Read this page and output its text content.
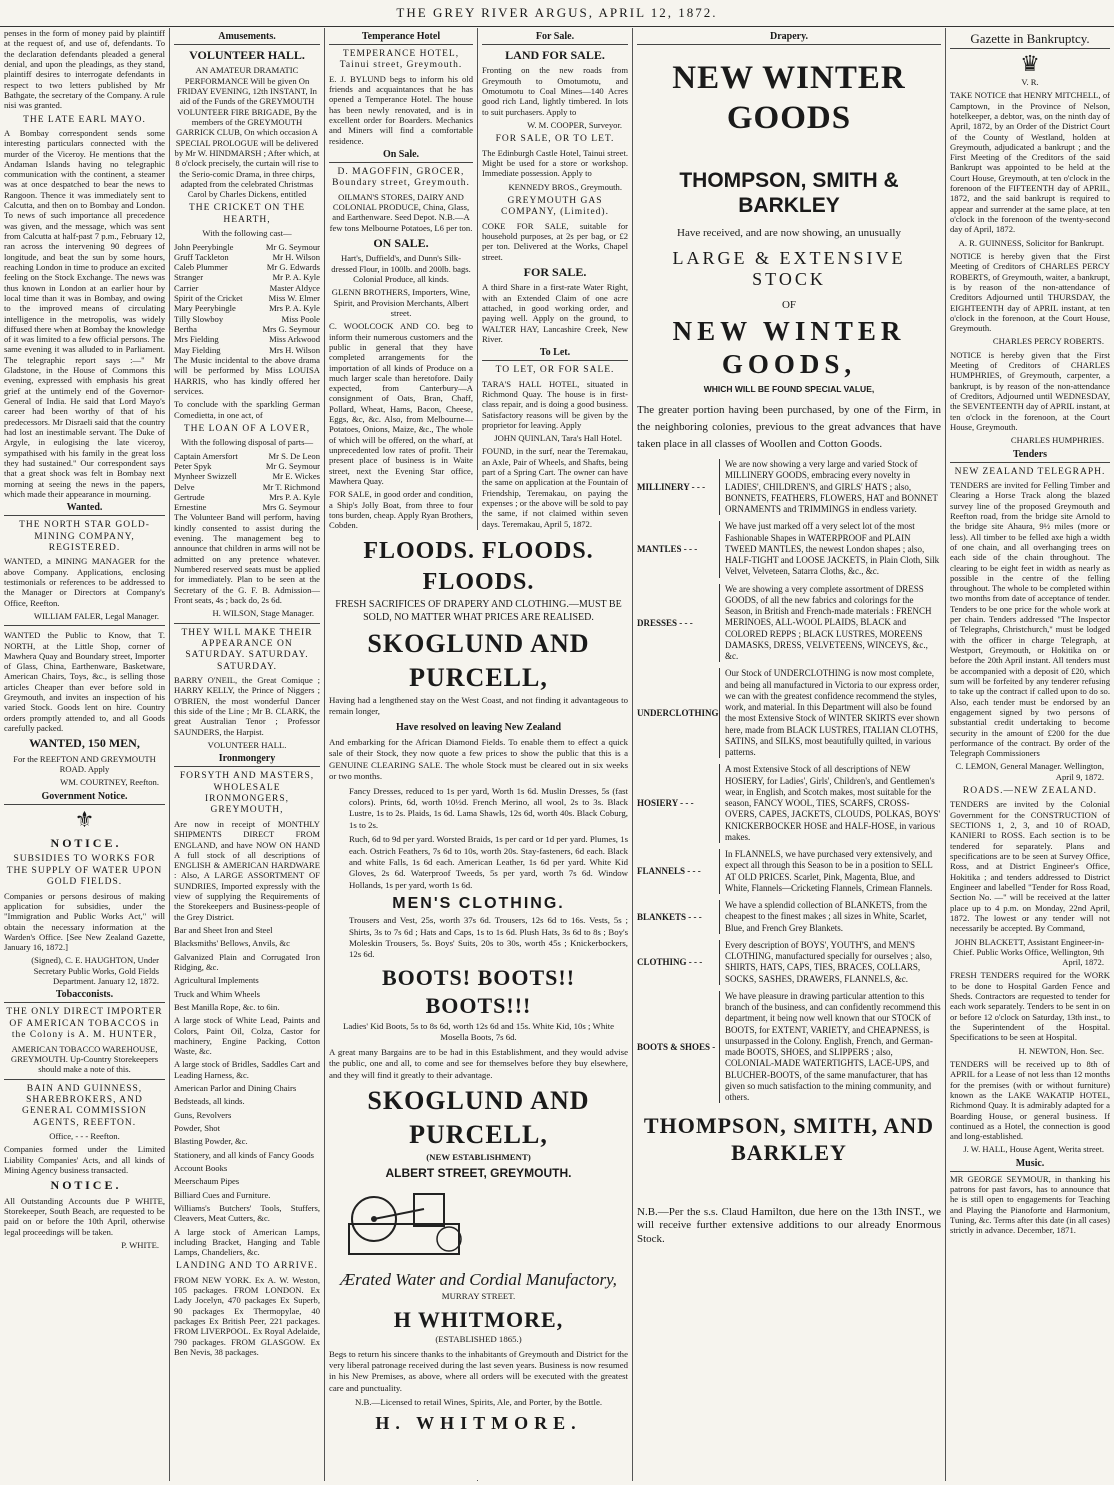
THE GREY RIVER ARGUS, APRIL 12, 1872.

penses in the form of money paid by plaintiff at the request of, and use of, defendants. To the declaration defendants pleaded a general denial, and upon the pleadings, as they stand, plaintiff desires to interrogate defendants in respect to two letters published by Mr Bathgate, the secretary of the Company. A rule nisi was granted.

THE LATE EARL MAYO.

A Bombay correspondent sends some interesting particulars connected with the murder of the Viceroy. He mentions that the Andaman Islands having no telegraphic communication with the continent, a steamer was at once despatched to bear the news to Rangoon. Thence it was immediately sent to Calcutta, and then on to Bombay and London. To news of such importance all precedence was given, and the message, which was sent from Calcutta at half-past 7 p.m., February 12, ran across the intervening 90 degrees of longitude, and beat the sun by some hours, reaching London in time to produce an excited feeling on the Stock Exchange. The news was thus known in London at an earlier hour by local time than it was in Bombay, and owing to the improved means of circulating intelligence in the metropolis, was widely diffused there when at Bombay the knowledge of it was limited to a few official persons. The same evening it was alluded to in Parliament. The telegraphic report says :—" Mr Gladstone, in the House of Commons this evening, expressed with emphasis his great grief at the untimely end of the Governor-General of India. He said that Lord Mayo's career had been worthy of that of his predecessors. Mr Disraeli said that the country had lost an inestimable servant. The Duke of Argyle, in eulogising the late viceroy, sympathised with his family in the great loss they had sustained." Our correspondent says that a great shock was felt in Bombay next morning at seeing the news in the papers, which made their appearance in mourning.

Wanted.
THE NORTH STAR GOLD-MINING COMPANY, REGISTERED.

WANTED, a MINING MANAGER for the above Company. Applications, enclosing testimonials or references to be addressed to the Manager or Directors at Company's Office, Reefton.

WILLIAM FALER, Legal Manager.

WANTED the Public to Know, that T. NORTH, at the Little Shop, corner of Mawhera Quay and Boundary street, Importer of Glass, China, Earthenware, Basketware, American Chairs, Toys, &c., is selling those articles Cheaper than ever before sold in Greymouth, and invites an inspection of his varied Stock. Goods lent on hire. Country orders promptly attended to, and all Goods carefully packed.

WANTED, 150 MEN,

For the REEFTON AND GREYMOUTH ROAD. Apply

WM. COURTNEY, Reefton.

Government Notice.
⚜
N O T I C E .
SUBSIDIES TO WORKS FOR THE SUPPLY OF WATER UPON GOLD FIELDS.

Companies or persons desirous of making application for subsidies, under the "Immigration and Public Works Act," will obtain the necessary information at the Warden's Office. [See New Zealand Gazette, January 16, 1872.]

(Signed), C. E. HAUGHTON, Under Secretary Public Works, Gold Fields Department. January 12, 1872.

Tobacconists.
THE ONLY DIRECT IMPORTER OF AMERICAN TOBACCOS in the Colony is A. M. HUNTER,

AMERICAN TOBACCO WAREHOUSE, GREYMOUTH. Up-Country Storekeepers should make a note of this.

BAIN AND GUINNESS, SHAREBROKERS, AND GENERAL COMMISSION AGENTS, REEFTON.

Office, - - - Reefton.

Companies formed under the Limited Liability Companies' Acts, and all kinds of Mining Agency business transacted.

N O T I C E .

All Outstanding Accounts due P WHITE, Storekeeper, South Beach, are requested to be paid on or before the 10th April, otherwise legal proceedings will be taken.

P. WHITE.

Amusements.
VOLUNTEER HALL.

AN AMATEUR DRAMATIC PERFORMANCE Will be given On FRIDAY EVENING, 12th INSTANT, In aid of the Funds of the GREYMOUTH VOLUNTEER FIRE BRIGADE, By the members of the GREYMOUTH GARRICK CLUB, On which occasion A SPECIAL PROLOGUE will be delivered by Mr W. HINDMARSH ; After which, at 8 o'clock precisely, the curtain will rise to the Serio-comic Drama, in three chirps, adapted from the celebrated Christmas Carol by Charles Dickens, entitled

THE CRICKET ON THE HEARTH,

With the following cast—

John Peerybingle	Mr G. Seymour
Gruff Tackleton	Mr H. Wilson
Caleb Plummer	Mr G. Edwards
Stranger	Mr P. A. Kyle
Carrier	Master Aldyce
Spirit of the Cricket	Miss W. Elmer
Mary Peerybingle	Mrs P. A. Kyle
Tilly Slowboy	Miss Poole
Bertha	Mrs G. Seymour
Mrs Fielding	Miss Arkwood
May Fielding	Mrs H. Wilson

The Music incidental to the above drama will be performed by Miss LOUISA HARRIS, who has kindly offered her services.

To conclude with the sparkling German Comedietta, in one act, of

THE LOAN OF A LOVER,

With the following disposal of parts—

Captain Amersfort	Mr S. De Leon
Peter Spyk	Mr G. Seymour
Mynheer Swizzell	Mr E. Wickes
Delve	Mr T. Richmond
Gertrude	Mrs P. A. Kyle
Ernestine	Mrs G. Seymour

The Volunteer Band will perform, having kindly consented to assist during the evening. The management beg to announce that children in arms will not be admitted on any pretence whatever. Numbered reserved seats must be applied for immediately. Plan to be seen at the Secretary of the G. F. B. Admission—Front seats, 4s ; back do, 2s 6d.

H. WILSON, Stage Manager.

THEY WILL MAKE THEIR APPEARANCE ON SATURDAY. SATURDAY. SATURDAY.

BARRY O'NEIL, the Great Comique ; HARRY KELLY, the Prince of Niggers ; O'BRIEN, the most wonderful Dancer this side of the Line ; Mr B. CLARK, the great Australian Tenor ; Professor SAUNDERS, the Harpist.

VOLUNTEER HALL.

Ironmongery
FORSYTH AND MASTERS, WHOLESALE IRONMONGERS, GREYMOUTH,

Are now in receipt of MONTHLY SHIPMENTS DIRECT FROM ENGLAND, and have NOW ON HAND A full stock of all descriptions of ENGLISH & AMERICAN HARDWARE : Also, A LARGE ASSORTMENT OF SUNDRIES, Imported expressly with the view of supplying the Requirements of the Storekeepers and Business-people of the Grey District.

Bar and Sheet Iron and Steel

Blacksmiths' Bellows, Anvils, &c

Galvanized Plain and Corrugated Iron Ridging, &c.

Agricultural Implements

Truck and Whim Wheels

Best Manilla Rope, &c. to 6in.

A large stock of White Lead, Paints and Colors, Paint Oil, Colza, Castor for machinery, Engine Packing, Cotton Waste, &c.

A large stock of Bridles, Saddles Cart and Leading Harness, &c.

American Parlor and Dining Chairs

Bedsteads, all kinds.

Guns, Revolvers

Powder, Shot

Blasting Powder, &c.

Stationery, and all kinds of Fancy Goods

Account Books

Meerschaum Pipes

Billiard Cues and Furniture.

Williams's Butchers' Tools, Stuffers, Cleavers, Meat Cutters, &c.

A large stock of American Lamps, including Bracket, Hanging and Table Lamps, Chandeliers, &c.

LANDING AND TO ARRIVE.

FROM NEW YORK. Ex A. W. Weston, 105 packages. FROM LONDON. Ex Lady Jocelyn, 470 packages Ex Superb, 90 packages Ex Thermopylae, 40 packages Ex British Peer, 221 packages. FROM LIVERPOOL. Ex Royal Adelaide, 790 packages. FROM GLASGOW. Ex Ben Nevis, 38 packages.

Temperance Hotel
TEMPERANCE HOTEL, Tainui street, Greymouth.

E. J. BYLUND begs to inform his old friends and acquaintances that he has opened a Temperance Hotel. The house has been newly renovated, and is in excellent order for Boarders. Mechanics and Miners will find a comfortable residence.

On Sale.
D. MAGOFFIN, GROCER, Boundary street, Greymouth.

OILMAN'S STORES, DAIRY AND COLONIAL PRODUCE, China, Glass, and Earthenware. Seed Depot. N.B.—A few tons Melbourne Potatoes, L6 per ton.

ON SALE.

Hart's, Duffield's, and Dunn's Silk-dressed Flour, in 100lb. and 200lb. bags. Colonial Produce, all kinds.

GLENN BROTHERS, Importers, Wine, Spirit, and Provision Merchants, Albert street.

C. WOOLCOCK AND CO. beg to inform their numerous customers and the public in general that they have completed arrangements for the importation of all kinds of Produce on a much larger scale than heretofore. Daily expected, from Canterbury—A consignment of Oats, Bran, Chaff, Pollard, Wheat, Hams, Bacon, Cheese, Eggs, &c, &c. Also, from Melbourne—Potatoes, Onions, Maize, &c., The whole of which will be offered, on the wharf, at unprecedented low rates of profit. Their present place of business is in Waite street, next the Evening Star office, Mawhera Quay.

FOR SALE, in good order and condition, a Ship's Jolly Boat, from three to four tons burden, cheap. Apply Ryan Brothers, Cobden.

For Sale.
LAND FOR SALE.

Fronting on the new roads from Greymouth to Omotumotu, and Omotumotu to Coal Mines—140 Acres good rich Land, lightly timbered. In lots to suit purchasers. Apply to

W. M. COOPER, Surveyor.

FOR SALE, OR TO LET.

The Edinburgh Castle Hotel, Tainui street. Might be used for a store or workshop. Immediate possession. Apply to

KENNEDY BROS., Greymouth.

GREYMOUTH GAS COMPANY, (Limited).

COKE FOR SALE, suitable for household purposes, at 2s per bag, or £2 per ton. Delivered at the Works, Chapel street.

FOR SALE.

A third Share in a first-rate Water Right, with an Extended Claim of one acre attached, in good working order, and paying well. Apply on the ground, to WALTER HAY, Lancashire Creek, New River.

To Let.
TO LET, OR FOR SALE.

TARA'S HALL HOTEL, situated in Richmond Quay. The house is in first-class repair, and is doing a good business. Satisfactory reasons will be given by the proprietor for leaving. Apply

JOHN QUINLAN, Tara's Hall Hotel.

FOUND, in the surf, near the Teremakau, an Axle, Pair of Wheels, and Shafts, being part of a Spring Cart. The owner can have the same on application at the Fountain of Friendship, Teremakau, on paying the expenses ; or the above will be sold to pay the same, if not claimed within seven days. Teremakau, April 5, 1872.

FLOODS. FLOODS. FLOODS.

FRESH SACRIFICES OF DRAPERY AND CLOTHING.—MUST BE SOLD, NO MATTER WHAT PRICES ARE REALISED.

SKOGLUND AND PURCELL,

Having had a lengthened stay on the West Coast, and not finding it advantageous to remain longer,

Have resolved on leaving New Zealand

And embarking for the African Diamond Fields. To enable them to effect a quick sale of their Stock, they now quote a few prices to show the public that this is a GENUINE CLEARING SALE. The whole Stock must be cleared out in six weeks or two months.

Fancy Dresses, reduced to 1s per yard, Worth 1s 6d. Muslin Dresses, 5s (fast colors). Prints, 6d, worth 10½d. French Merino, all wool, 2s to 3s. Black Lustre, 1s to 2s. Plaids, 1s 6d. Lama Shawls, 12s 6d, worth 40s. Black Coburg, 1s to 2s.

Ruch, 6d to 9d per yard. Worsted Braids, 1s per card or 1d per yard. Plumes, 1s each. Ostrich Feathers, 7s 6d to 10s, worth 20s. Stay-fasteners, 6d each. Black and white Falls, 1s 6d each. American Leather, 1s 6d per yard. White Kid Gloves, 2s 6d. Waterproof Tweeds, 5s per yard, worth 7s 6d. Window Hollands, 1s per yard, worth 1s 6d.

MEN'S CLOTHING.

Trousers and Vest, 25s, worth 37s 6d. Trousers, 12s 6d to 16s. Vests, 5s ; Shirts, 3s to 7s 6d ; Hats and Caps, 1s to 1s 6d. Plush Hats, 3s 6d to 8s ; Boy's Moleskin Trousers, 5s. Boys' Suits, 20s to 30s, worth 45s ; Knickerbockers, 12s 6d.

BOOTS! BOOTS!! BOOTS!!!

Ladies' Kid Boots, 5s to 8s 6d, worth 12s 6d and 15s. White Kid, 10s ; White Mosella Boots, 7s 6d.

A great many Bargains are to be had in this Establishment, and they would advise the public, one and all, to come and see for themselves before they buy elsewhere, and they will find it greatly to their advantage.

SKOGLUND AND PURCELL,

(NEW ESTABLISHMENT)

ALBERT STREET, GREYMOUTH.
Ærated Water and Cordial Manufactory,

MURRAY STREET.

H WHITMORE,

(ESTABLISHED 1865.)

Begs to return his sincere thanks to the inhabitants of Greymouth and District for the very liberal patronage received during the last seven years. Business is now resumed in his New Premises, as above, where all orders will be executed with the greatest care and punctuality.

N.B.—Licensed to retail Wines, Spirits, Ale, and Porter, by the Bottle.

H. WHITMORE.
Drapery.
NEW WINTER GOODS
THOMPSON, SMITH & BARKLEY

Have received, and are now showing, an unusually

LARGE & EXTENSIVE STOCK

OF

NEW WINTER GOODS,
WHICH WILL BE FOUND SPECIAL VALUE,

The greater portion having been purchased, by one of the Firm, in the neighboring colonies, previous to the great advances that have taken place in all classes of Woollen and Cotton Goods.

MILLINERY - - -
We are now showing a very large and varied Stock of MILLINERY GOODS, embracing every novelty in LADIES', CHILDREN'S, and GIRLS' HATS ; also, BONNETS, FEATHERS, FLOWERS, HAT and BONNET ORNAMENTS and TRIMMINGS in endless variety.
MANTLES - - -
We have just marked off a very select lot of the most Fashionable Shapes in WATERPROOF and PLAIN TWEED MANTLES, the newest London shapes ; also, HALF-TIGHT and LOOSE JACKETS, in Plain Cloth, Silk Velvet, Velveteen, Satarra Cloths, &c., &c.
DRESSES - - -
We are showing a very complete assortment of DRESS GOODS, of all the new fabrics and colorings for the Season, in British and French-made materials : FRENCH MERINOES, ALL-WOOL PLAIDS, BLACK and COLORED REPPS ; BLACK LUSTRES, MOREENS DAMASKS, DRESS, VELVETEENS, WINCEYS, &c., &c.
UNDERCLOTHING
Our Stock of UNDERCLOTHING is now most complete, and being all manufactured in Victoria to our express order, we can with the greatest confidence recommend the styles, work, and material. In this Department will also be found the most Extensive Stock of WINTER SKIRTS ever shown here, made from BLACK LUSTRES, ITALIAN CLOTHS, SATINS, and SILKS, most beautifully quilted, in various patterns.
HOSIERY - - -
A most Extensive Stock of all descriptions of NEW HOSIERY, for Ladies', Girls', Children's, and Gentlemen's wear, in English, and Scotch makes, most suitable for the season, FANCY WOOL, TIES, SCARFS, CROSS-OVERS, CAPES, JACKETS, CLOUDS, POLKAS, BOYS' KNICKERBOCKER HOSE and HALF-HOSE, in various makes.
FLANNELS - - -
In FLANNELS, we have purchased very extensively, and expect all through this Season to be in a position to SELL AT OLD PRICES. Scarlet, Pink, Magenta, Blue, and White, Flannels—Cricketing Flannels, Crimean Flannels.
BLANKETS - - -
We have a splendid collection of BLANKETS, from the cheapest to the finest makes ; all sizes in White, Scarlet, Blue, and French Grey Blankets.
CLOTHING - - -
Every description of BOYS', YOUTH'S, and MEN'S CLOTHING, manufactured specially for ourselves ; also, SHIRTS, HATS, CAPS, TIES, BRACES, COLLARS, SOCKS, SASHES, DRAWERS, FLANNELS, &c.
BOOTS & SHOES -
We have pleasure in drawing particular attention to this branch of the business, and can confidently recommend this department, it being now well known that our STOCK of BOOTS, for EXTENT, VARIETY, and CHEAPNESS, is unsurpassed in the Colony. English, French, and German-made BOOTS, SHOES, and SLIPPERS ; also, COLONIAL-MADE WATERTIGHTS, LACE-UPS, and BLUCHER-BOOTS, of the same manufacturer, that has given so much satisfaction to the mining community, and others.
THOMPSON, SMITH, AND BARKLEY

N.B.—Per the s.s. Claud Hamilton, due here on the 13th INST., we will receive further extensive additions to our already Enormous Stock.

Gazette in Bankruptcy.
♛

V. R.

TAKE NOTICE that HENRY MITCHELL, of Camptown, in the Province of Nelson, hotelkeeper, a debtor, was, on the ninth day of April, 1872, by an Order of the District Court of the County of Westland, holden at Greymouth, adjudicated a bankrupt ; and the First Meeting of the Creditors of the said Bankrupt was appointed to be held at the Court House, Greymouth, at ten o'clock in the forenoon of the FIFTEENTH day of APRIL, 1872, and the said bankrupt is required to appear and surrender at the same place, at ten o'clock in the forenoon of the twenty-second day of April, 1872.

A. R. GUINNESS, Solicitor for Bankrupt.

NOTICE is hereby given that the First Meeting of Creditors of CHARLES PERCY ROBERTS, of Greymouth, waiter, a bankrupt, is by reason of the non-attendance of Creditors Adjourned until THURSDAY, the EIGHTEENTH day of APRIL instant, at ten o'clock in the forenoon, at the Court House, Greymouth.

CHARLES PERCY ROBERTS.

NOTICE is hereby given that the First Meeting of Creditors of CHARLES HUMPHRIES, of Greymouth, carpenter, a bankrupt, is by reason of the non-attendance of Creditors, Adjourned until WEDNESDAY, the SEVENTEENTH day of APRIL instant, at ten o'clock in the forenoon, at the Court House, Greymouth.

CHARLES HUMPHRIES.

Tenders
NEW ZEALAND TELEGRAPH.

TENDERS are invited for Felling Timber and Clearing a Horse Track along the blazed survey line of the proposed Greymouth and Reefton road, from the bridge site Arnold to the bridge site Ahaura, 9½ miles (more or less). All timber to be felled axe high a width of one chain, and all overhanging trees on each side of the chain throughout. The clearing to be eight feet in width as nearly as possible in the centre of the felling throughout. The whole to be completed within two months from date of acceptance of tender. Tenders to be one price for the whole work at per chain. Tenders addressed "The Inspector of Telegraphs, Christchurch," must be lodged with the officer in charge Telegraph, at Westport, Greymouth, or Hokitika on or before the 20th April instant. All tenders must be accompanied with a deposit of £20, which sum will be forfeited by any tenderer refusing to take up the contract if called upon to do so. Also, each tender must be endorsed by an engagement signed by two persons of substantial credit undertaking to become security in the amount of £200 for the due performance of the contract. By order of the Telegraph Commissioners

C. LEMON, General Manager. Wellington, April 9, 1872.

ROADS.—NEW ZEALAND.

TENDERS are invited by the Colonial Government for the CONSTRUCTION of SECTIONS 1, 2, 3, and 10 of ROAD, KANIERI to ROSS. Each section is to be tendered for separately. Plans and specifications are to be seen at Survey Office, Ross, and at District Engineer's Office, Hokitika ; and tenders addressed to District Engineer and labelled "Tender for Ross Road, Section No. —" will be received at the latter place up to 4 p.m. on Monday, 22nd April, 1872. The lowest or any tender will not necessarily be accepted. By Command,

JOHN BLACKETT, Assistant Engineer-in-Chief. Public Works Office, Wellington, 9th April, 1872.

FRESH TENDERS required for the WORK to be done to Hospital Garden Fence and Sheds. Contractors are requested to tender for each work separately. Tenders to be sent in on or before 12 o'clock on Saturday, 13th inst., to the Superintendent of the Hospital. Specifications to be seen at Hospital.

H. NEWTON, Hon. Sec.

TENDERS will be received up to 8th of APRIL for a Lease of not less than 12 months for the premises (with or without furniture) known as the LAKE WAKATIP HOTEL, Richmond Quay. It is admirably adapted for a Boarding House, or general business. If continued as a Hotel, the connection is good and long-established.

J. W. HALL, House Agent, Werita street.

Music.

MR GEORGE SEYMOUR, in thanking his patrons for past favors, has to announce that he is still open to engagements for Teaching and Playing the Pianoforte and Harmonium, Tuning, &c. Terms after this date (in all cases) strictly in advance. December, 1871.
